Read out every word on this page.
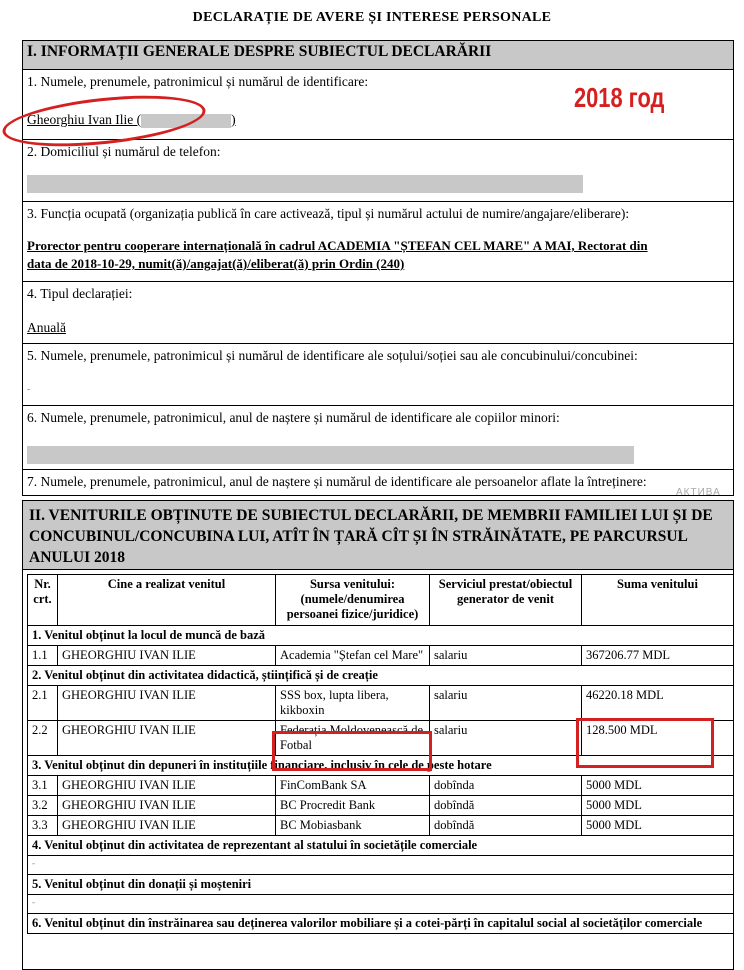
DECLARAȚIE DE AVERE ȘI INTERESE PERSONALE
I. INFORMAȚII GENERALE DESPRE SUBIECTUL DECLARĂRII
1. Numele, prenumele, patronimicul și numărul de identificare:
Gheorghiu Ivan Ilie (	)
2. Domiciliul și numărul de telefon:
3. Funcția ocupată (organizația publică în care activează, tipul și numărul actului de numire/angajare/eliberare):
Prorector pentru cooperare internațională în cadrul ACADEMIA "ȘTEFAN CEL MARE" A MAI, Rectorat din
data de 2018-10-29, numit(ă)/angajat(ă)/eliberat(ă) prin Ordin (240)
4. Tipul declarației:
Anuală
5. Numele, prenumele, patronimicul și numărul de identificare ale soțului/soției sau ale concubinului/concubinei:
-
6. Numele, prenumele, patronimicul, anul de naștere și numărul de identificare ale copiilor minori:
7. Numele, prenumele, patronimicul, anul de naștere și numărul de identificare ale persoanelor aflate la întreținere:
АКТИВА
2018 год
II. VENITURILE OBȚINUTE DE SUBIECTUL DECLARĂRII, DE MEMBRII FAMILIEI LUI ȘI DE CONCUBINUL/CONCUBINA LUI, ATÎT ÎN ȚARĂ CÎT ȘI ÎN STRĂINĂTATE, PE PARCURSUL ANULUI 2018
Nr. crt.	Cine a realizat venitul	Sursa venitului: (numele/denumirea persoanei fizice/juridice)	Serviciul prestat/obiectul generator de venit	Suma venitului
1. Venitul obținut la locul de muncă de bază				
1.1	GHEORGHIU IVAN ILIE	Academia "Ștefan cel Mare"	salariu	367206.77 MDL
2. Venitul obținut din activitatea didactică, științifică și de creație				
2.1	GHEORGHIU IVAN ILIE	SSS box, lupta libera, kikboxin	salariu	46220.18 MDL
2.2	GHEORGHIU IVAN ILIE	Federația Moldovenească de Fotbal	salariu	128.500 MDL
3. Venitul obținut din depuneri în instituțiile financiare, inclusiv în cele de peste hotare				
3.1	GHEORGHIU IVAN ILIE	FinComBank SA	dobînda	5000 MDL
3.2	GHEORGHIU IVAN ILIE	BC Procredit Bank	dobîndă	5000 MDL
3.3	GHEORGHIU IVAN ILIE	BC Mobiasbank	dobîndă	5000 MDL
4. Venitul obținut din activitatea de reprezentant al statului în societățile comerciale				
-				
5. Venitul obținut din donații și moșteniri				
-				
6. Venitul obținut din înstrăinarea sau deținerea valorilor mobiliare și a cotei-părți în capitalul social al societăților comerciale				
